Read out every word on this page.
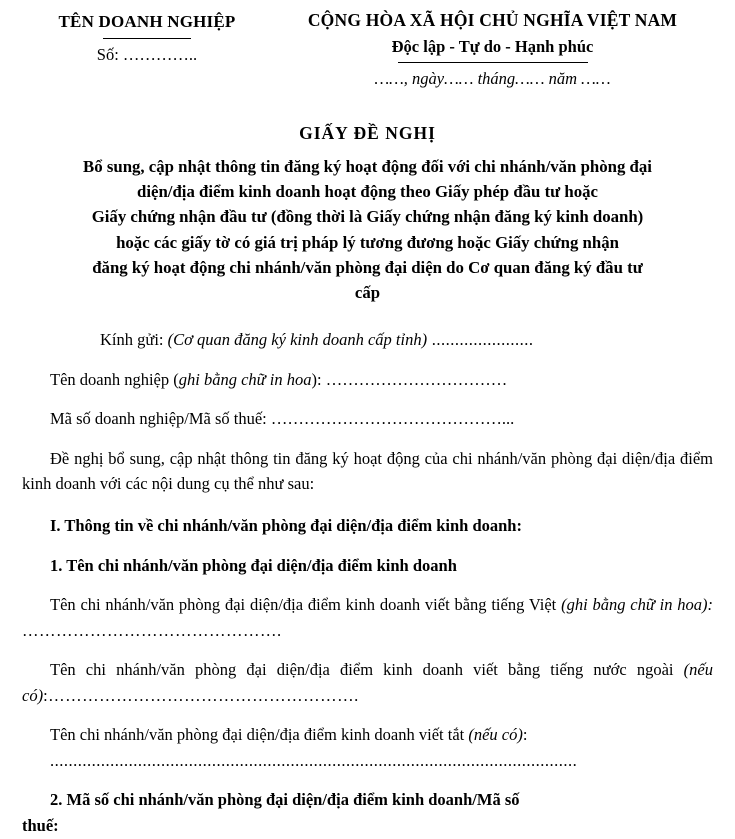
TÊN DOANH NGHIỆP
Số: …………..
CỘNG HÒA XÃ HỘI CHỦ NGHĨA VIỆT NAM
Độc lập - Tự do - Hạnh phúc
……, ngày…… tháng…… năm ……
GIẤY ĐỀ NGHỊ
Bổ sung, cập nhật thông tin đăng ký hoạt động đối với chi nhánh/văn phòng đại
diện/địa điểm kinh doanh hoạt động theo Giấy phép đầu tư hoặc
Giấy chứng nhận đầu tư (đồng thời là Giấy chứng nhận đăng ký kinh doanh)
hoặc các giấy tờ có giá trị pháp lý tương đương hoặc Giấy chứng nhận
đăng ký hoạt động chi nhánh/văn phòng đại diện do Cơ quan đăng ký đầu tư
cấp
Kính gửi: (Cơ quan đăng ký kinh doanh cấp tỉnh) ......................
Tên doanh nghiệp (ghi bằng chữ in hoa): ……………………………
Mã số doanh nghiệp/Mã số thuế: ……………………………………...
Đề nghị bổ sung, cập nhật thông tin đăng ký hoạt động của chi nhánh/văn phòng đại diện/địa điểm kinh doanh với các nội dung cụ thể như sau:
I. Thông tin về chi nhánh/văn phòng đại diện/địa điểm kinh doanh:
1. Tên chi nhánh/văn phòng đại diện/địa điểm kinh doanh
Tên chi nhánh/văn phòng đại diện/địa điểm kinh doanh viết bằng tiếng Việt (ghi bằng chữ in hoa): ……………………………………….
Tên chi nhánh/văn phòng đại diện/địa điểm kinh doanh viết bằng tiếng nước ngoài (nếu có):……………………………………………….
Tên chi nhánh/văn phòng đại diện/địa điểm kinh doanh viết tắt (nếu có):
..................................................................................................................
2. Mã số chi nhánh/văn phòng đại diện/địa điểm kinh doanh/Mã số
thuế:
